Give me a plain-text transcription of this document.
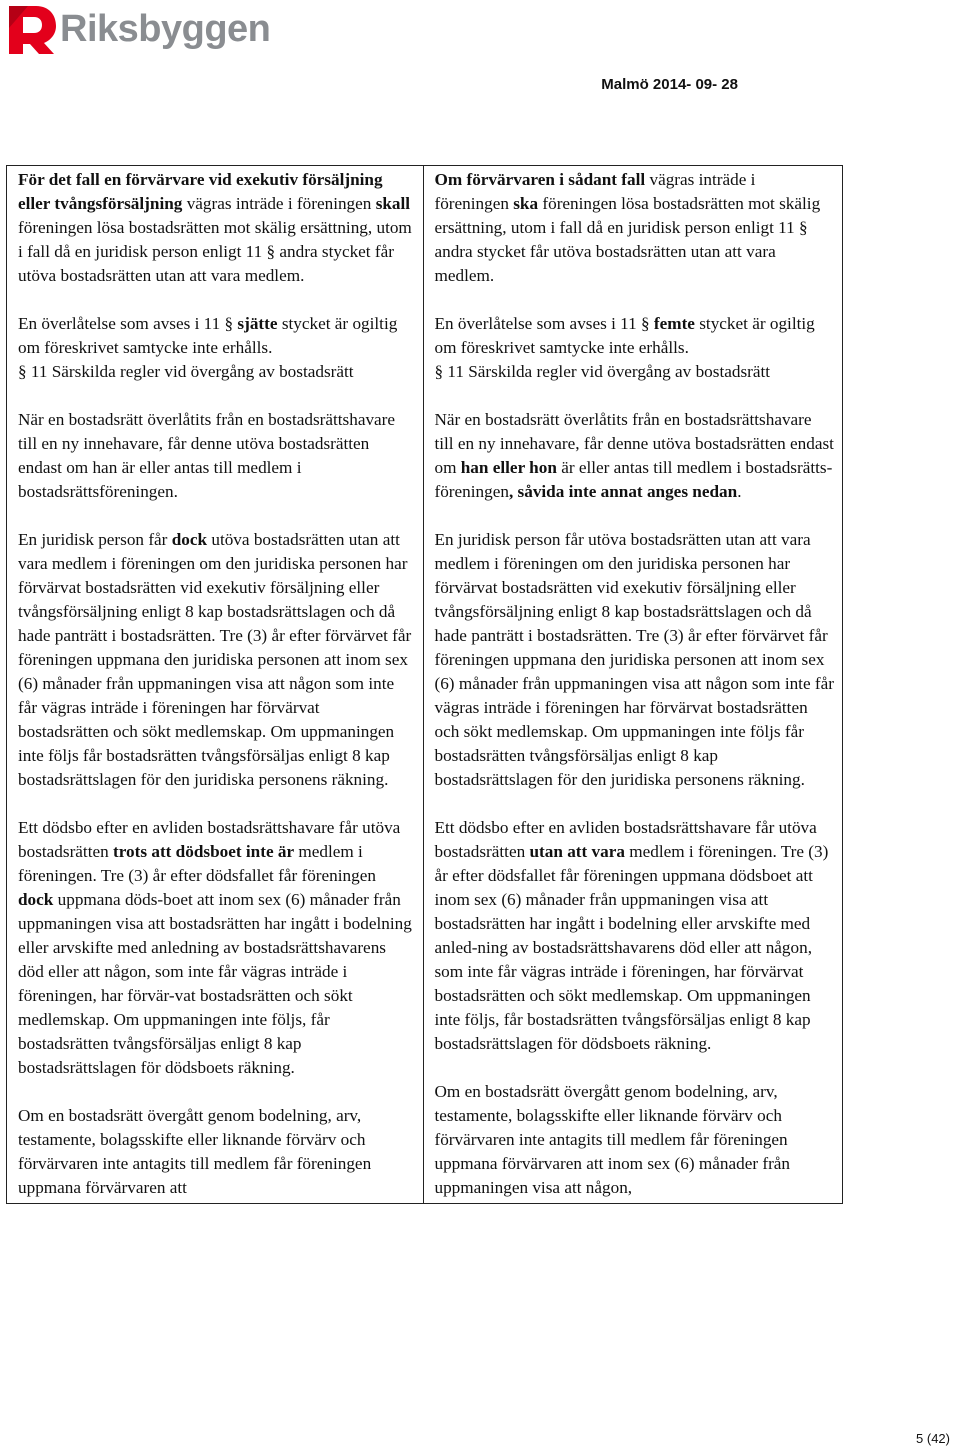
Riksbyggen
Malmö 2014- 09- 28

För det fall en förvärvare vid exekutiv försäljning eller tvångsförsäljning vägras inträde i föreningen skall föreningen lösa bostadsrätten mot skälig ersättning, utom i fall då en juridisk person enligt 11 § andra stycket får utöva bostadsrätten utan att vara medlem.

En överlåtelse som avses i 11 § sjätte stycket är ogiltig om föreskrivet samtycke inte erhålls.

§ 11 Särskilda regler vid övergång av bostadsrätt

När en bostadsrätt överlåtits från en bostadsrättshavare till en ny innehavare, får denne utöva bostadsrätten endast om han är eller antas till medlem i bostadsrättsföreningen.

En juridisk person får dock utöva bostadsrätten utan att vara medlem i föreningen om den juridiska personen har förvärvat bostadsrätten vid exekutiv försäljning eller tvångsförsäljning enligt 8 kap bostadsrättslagen och då hade panträtt i bostadsrätten. Tre (3) år efter förvärvet får föreningen uppmana den juridiska personen att inom sex (6) månader från uppmaningen visa att någon som inte får vägras inträde i föreningen har förvärvat bostadsrätten och sökt medlemskap. Om uppmaningen inte följs får bostadsrätten tvångsförsäljas enligt 8 kap bostadsrättslagen för den juridiska personens räkning.

Ett dödsbo efter en avliden bostadsrättshavare får utöva bostadsrätten trots att dödsboet inte är medlem i föreningen. Tre (3) år efter dödsfallet får föreningen dock uppmana döds-boet att inom sex (6) månader från uppmaningen visa att bostadsrätten har ingått i bodelning eller arvskifte med anledning av bostadsrättshavarens död eller att någon, som inte får vägras inträde i föreningen, har förvär-vat bostadsrätten och sökt medlemskap. Om uppmaningen inte följs, får bostadsrätten tvångsförsäljas enligt 8 kap bostadsrättslagen för dödsboets räkning.

Om en bostadsrätt övergått genom bodelning, arv, testamente, bolagsskifte eller liknande förvärv och förvärvaren inte antagits till medlem får föreningen uppmana förvärvaren att

Om förvärvaren i sådant fall vägras inträde i föreningen ska föreningen lösa bostadsrätten mot skälig ersättning, utom i fall då en juridisk person enligt 11 § andra stycket får utöva bostadsrätten utan att vara medlem.

En överlåtelse som avses i 11 § femte stycket är ogiltig om föreskrivet samtycke inte erhålls.

§ 11 Särskilda regler vid övergång av bostadsrätt

När en bostadsrätt överlåtits från en bostadsrättshavare till en ny innehavare, får denne utöva bostadsrätten endast om han eller hon är eller antas till medlem i bostadsrätts-föreningen, såvida inte annat anges nedan.

En juridisk person får utöva bostadsrätten utan att vara medlem i föreningen om den juridiska personen har förvärvat bostadsrätten vid exekutiv försäljning eller tvångsförsäljning enligt 8 kap bostadsrättslagen och då hade panträtt i bostadsrätten. Tre (3) år efter förvärvet får föreningen uppmana den juridiska personen att inom sex (6) månader från uppmaningen visa att någon som inte får vägras inträde i föreningen har förvärvat bostadsrätten och sökt medlemskap. Om uppmaningen inte följs får bostadsrätten tvångsförsäljas enligt 8 kap bostadsrättslagen för den juridiska personens räkning.

Ett dödsbo efter en avliden bostadsrättshavare får utöva bostadsrätten utan att vara medlem i föreningen. Tre (3) år efter dödsfallet får föreningen uppmana dödsboet att inom sex (6) månader från uppmaningen visa att bostadsrätten har ingått i bodelning eller arvskifte med anled-ning av bostadsrättshavarens död eller att någon, som inte får vägras inträde i föreningen, har förvärvat bostadsrätten och sökt medlemskap. Om uppmaningen inte följs, får bostadsrätten tvångsförsäljas enligt 8 kap bostadsrättslagen för dödsboets räkning.

Om en bostadsrätt övergått genom bodelning, arv, testamente, bolagsskifte eller liknande förvärv och förvärvaren inte antagits till medlem får föreningen uppmana förvärvaren att inom sex (6) månader från uppmaningen visa att någon,

5 (42)
